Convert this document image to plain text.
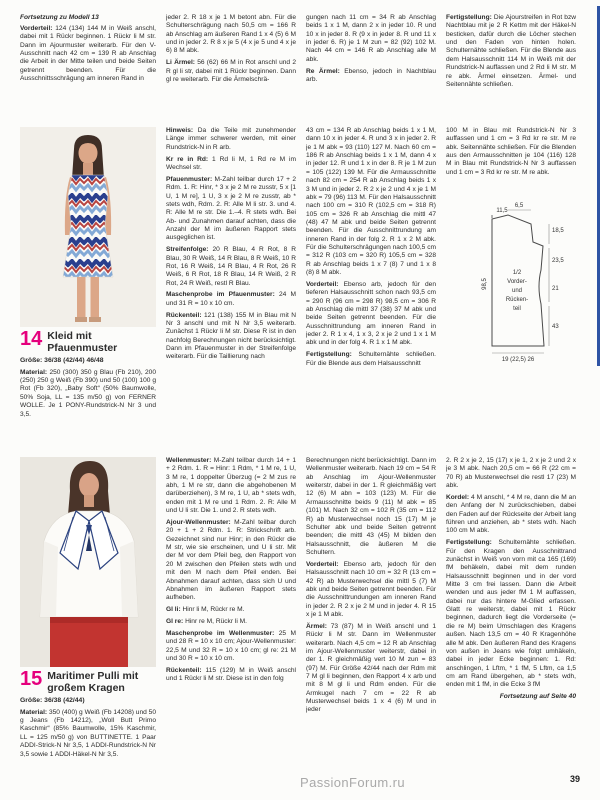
Fortsetzung zu Modell 13

Vorderteil: 124 (134) 144 M in Weiß anschl, dabei mit 1 Rückr beginnen. 1 Rückr li M str. Dann im Ajourmuster weiterarb. Für den V-Ausschnitt nach 42 cm = 139 R ab Anschlag die Arbeit in der Mitte teilen und beide Seiten getrennt beenden. Für die Ausschnittsschrägung am inneren Rand in

jeder 2. R 18 x je 1 M betont abn. Für die Schulterschrägung nach 50,5 cm = 166 R ab Anschlag am äußeren Rand 1 x 4 (5) 6 M und in jeder 2. R 8 x je 5 (4 x je 5 und 4 x je 6) 8 M abk.

Li Ärmel: 56 (62) 66 M in Rot anschl und 2 R gl li str, dabei mit 1 Rückr beginnen. Dann gl re weiterarb. Für die Ärmelschrä-

gungen nach 11 cm = 34 R ab Anschlag beids 1 x 1 M, dann 2 x in jeder 10. R und 10 x in jeder 8. R (9 x in jeder 8. R und 11 x in jeder 6. R) je 1 M zun = 82 (92) 102 M. Nach 44 cm = 146 R ab Anschlag alle M abk.

Re Ärmel: Ebenso, jedoch in Nachtblau arb.

Fertigstellung: Die Ajourstreifen in Rot bzw Nachtblau mit je 2 R Kettm mit der Häkel-N besticken, dafür durch die Löcher stechen und den Faden von hinten holen. Schulternähte schließen. Für die Blende aus dem Halsausschnitt 114 M in Weiß mit der Rundstrick-N auffassen und 2 Rd li M str. M re abk. Ärmel einsetzen. Ärmel- und Seitennähte schließen.

14 Kleid mit Pfauenmuster

Größe: 36/38 (42/44) 46/48

Material: 250 (300) 350 g Blau (Fb 210), 200 (250) 250 g Weiß (Fb 390) und 50 (100) 100 g Rot (Fb 320), „Baby Soft“ (50% Baumwolle, 50% Soja, LL = 135 m/50 g) von FERNER WOLLE. Je 1 PONY-Rundstrick-N Nr 3 und 3,5.

Hinweis: Da die Teile mit zunehmender Länge immer schwerer werden, mit einer Rundstrick-N in R arb.

Kr re in Rd: 1 Rd li M, 1 Rd re M im Wechsel str.

Pfauenmuster: M-Zahl teilbar durch 17 + 2 Rdm. 1. R: Hinr, * 3 x je 2 M re zusstr, 5 x [1 U, 1 M re], 1 U, 3 x je 2 M re zusstr, ab * stets wdh, Rdm. 2. R: Alle M li str. 3. und 4. R: Alle M re str. Die 1.–4. R stets wdh. Bei Ab- und Zunahmen darauf achten, dass die Anzahl der M im äußeren Rapport stets ausgeglichen ist.

Streifenfolge: 20 R Blau, 4 R Rot, 8 R Blau, 30 R Weiß, 14 R Blau, 8 R Weiß, 10 R Rot, 16 R Weiß, 14 R Blau, 4 R Rot, 26 R Weiß, 6 R Rot, 18 R Blau, 14 R Weiß, 2 R Rot, 24 R Weiß, restl R Blau.

Maschenprobe im Pfauenmuster: 24 M und 31 R = 10 x 10 cm.

Rückenteil: 121 (138) 155 M in Blau mit N Nr 3 anschl und mit N Nr 3,5 weiterarb. Zunächst 1 Rückr li M str. Diese R ist in den nachfolg Berechnungen nicht berücksichtigt. Dann im Pfauenmuster in der Streifenfolge weiterarb. Für die Taillierung nach

43 cm = 134 R ab Anschlag beids 1 x 1 M, dann 10 x in jeder 4. R und 3 x in jeder 2. R je 1 M abk = 93 (110) 127 M. Nach 60 cm = 186 R ab Anschlag beids 1 x 1 M, dann 4 x in jeder 12. R und 1 x in der 8. R je 1 M zun = 105 (122) 139 M. Für die Armausschnitte nach 82 cm = 254 R ab Anschlag beids 1 x 3 M und in jeder 2. R 2 x je 2 und 4 x je 1 M abk = 79 (96) 113 M. Für den Halsausschnitt nach 100 cm = 310 R (102,5 cm = 318 R) 105 cm = 326 R ab Anschlag die mittl 47 (48) 47 M abk und beide Seiten getrennt beenden. Für die Ausschnittrundung am inneren Rand in der folg 2. R 1 x 2 M abk. Für die Schulterschrägungen nach 100,5 cm = 312 R (103 cm = 320 R) 105,5 cm = 328 R ab Anschlag beids 1 x 7 (8) 7 und 1 x 8 (8) 8 M abk.

Vorderteil: Ebenso arb, jedoch für den tieferen Halsausschnitt schon nach 93,5 cm = 290 R (96 cm = 298 R) 98,5 cm = 306 R ab Anschlag die mittl 37 (38) 37 M abk und beide Seiten getrennt beenden. Für die Ausschnittrundung am inneren Rand in jeder 2. R 1 x 4, 1 x 3, 2 x je 2 und 1 x 1 M abk und in der folg 4. R 1 x 1 M abk.

Fertigstellung: Schulternähte schließen. Für die Blende aus dem Halsausschnitt

100 M in Blau mit Rundstrick-N Nr 3 auffassen und 1 cm = 3 Rd kr re str. M re abk. Seitennähte schließen. Für die Blenden aus den Armausschnitten je 104 (116) 128 M in Blau mit Rundstrick-N Nr 3 auffassen und 1 cm = 3 Rd kr re str. M re abk.

6,5
11,5
18,5
23,5
21
43
98,5
19 (22,5) 26
1/2
Vorder-
und
Rücken-
teil
15 Maritimer Pulli mit großem Kragen

Größe: 36/38 (42/44)

Material: 350 (400) g Weiß (Fb 14208) und 50 g Jeans (Fb 14212), „Woll Butt Primo Kaschmir“ (85% Baumwolle, 15% Kaschmir, LL = 125 m/50 g) von BUTTINETTE. 1 Paar ADDI-Strick-N Nr 3,5, 1 ADDI-Rundstrick-N Nr 3,5 sowie 1 ADDI-Häkel-N Nr 3,5.

Wellenmuster: M-Zahl teilbar durch 14 + 1 + 2 Rdm. 1. R = Hinr: 1 Rdm, * 1 M re, 1 U, 3 M re, 1 doppelter Überzug (= 2 M zus re abh, 1 M re str, dann die abgehobenen M darüberziehen), 3 M re, 1 U, ab * stets wdh, enden mit 1 M re und 1 Rdm. 2. R: Alle M und U li str. Die 1. und 2. R stets wdh.

Ajour-Wellenmuster: M-Zahl teilbar durch 20 + 1 + 2 Rdm. 1. R: Strickschrift arb. Gezeichnet sind nur Hinr; in den Rückr die M str, wie sie erscheinen, und U li str. Mit der M vor dem Pfeil beg, den Rapport von 20 M zwischen den Pfeilen stets wdh und mit den M nach dem Pfeil enden. Bei Abnahmen darauf achten, dass sich U und Abnahmen im äußeren Rapport stets aufheben.

Gl li: Hinr li M, Rückr re M.

Gl re: Hinr re M, Rückr li M.

Maschenprobe im Wellenmuster: 25 M und 28 R = 10 x 10 cm; Ajour-Wellenmuster: 22,5 M und 32 R = 10 x 10 cm; gl re: 21 M und 30 R = 10 x 10 cm.

Rückenteil: 115 (129) M in Weiß anschl und 1 Rückr li M str. Diese ist in den folg

Berechnungen nicht berücksichtigt. Dann im Wellenmuster weiterarb. Nach 19 cm = 54 R ab Anschlag im Ajour-Wellenmuster weiterstr, dabei in der 1. R gleichmäßig vert 12 (6) M abn = 103 (123) M. Für die Armausschnitte beids 9 (11) M abk = 85 (101) M. Nach 32 cm = 102 R (35 cm = 112 R) ab Musterwechsel noch 15 (17) M je Schulter abk und beide Seiten getrennt beenden; die mittl 43 (45) M bilden den Halsausschnitt, die äußeren M die Schultern.

Vorderteil: Ebenso arb, jedoch für den Halsausschnitt nach 10 cm = 32 R (13 cm = 42 R) ab Musterwechsel die mittl 5 (7) M abk und beide Seiten getrennt beenden. Für die Ausschnittrundungen am inneren Rand in jeder 2. R 2 x je 2 M und in jeder 4. R 15 x je 1 M abk.

Ärmel: 73 (87) M in Weiß anschl und 1 Rückr li M str. Dann im Wellenmuster weiterarb. Nach 4,5 cm = 12 R ab Anschlag im Ajour-Wellenmuster weiterstr, dabei in der 1. R gleichmäßig vert 10 M zun = 83 (97) M. Für Größe 42/44 nach der Rdm mit 7 M gl li beginnen, den Rapport 4 x arb und mit 8 M gl li und Rdm enden. Für die Armkugel nach 7 cm = 22 R ab Musterwechsel beids 1 x 4 (6) M und in jeder

2. R 2 x je 2, 15 (17) x je 1, 2 x je 2 und 2 x je 3 M abk. Nach 20,5 cm = 66 R (22 cm = 70 R) ab Musterwechsel die restl 17 (23) M abk.

Kordel: 4 M anschl, * 4 M re, dann die M an den Anfang der N zurückschieben, dabei den Faden auf der Rückseite der Arbeit lang führen und anziehen, ab * stets wdh. Nach 100 cm M abk.

Fertigstellung: Schulternähte schließen. Für den Kragen den Ausschnittrand zunächst in Weiß von vorn mit ca 165 (169) fM behäkeln, dabei mit dem runden Halsausschnitt beginnen und in der vord Mitte 3 cm frei lassen. Dann die Arbeit wenden und aus jeder fM 1 M auffassen, dabei nur das hintere M-Glied erfassen. Glatt re weiterstr, dabei mit 1 Rückr beginnen, dadurch liegt die Vorderseite (= die re M) beim Umschlagen des Kragens außen. Nach 13,5 cm = 40 R Kragenhöhe alle M abk. Den äußeren Rand des Kragens von außen in Jeans wie folgt umhäkeln, dabei in jeder Ecke beginnen: 1. Rd: anschlingen, 1 Lftm, * 1 fM, 5 Lftm, ca 1,5 cm am Rand übergehen, ab * stets wdh, enden mit 1 fM, in die Ecke 3 fM

Fortsetzung auf Seite 40

PassionForum.ru	39
